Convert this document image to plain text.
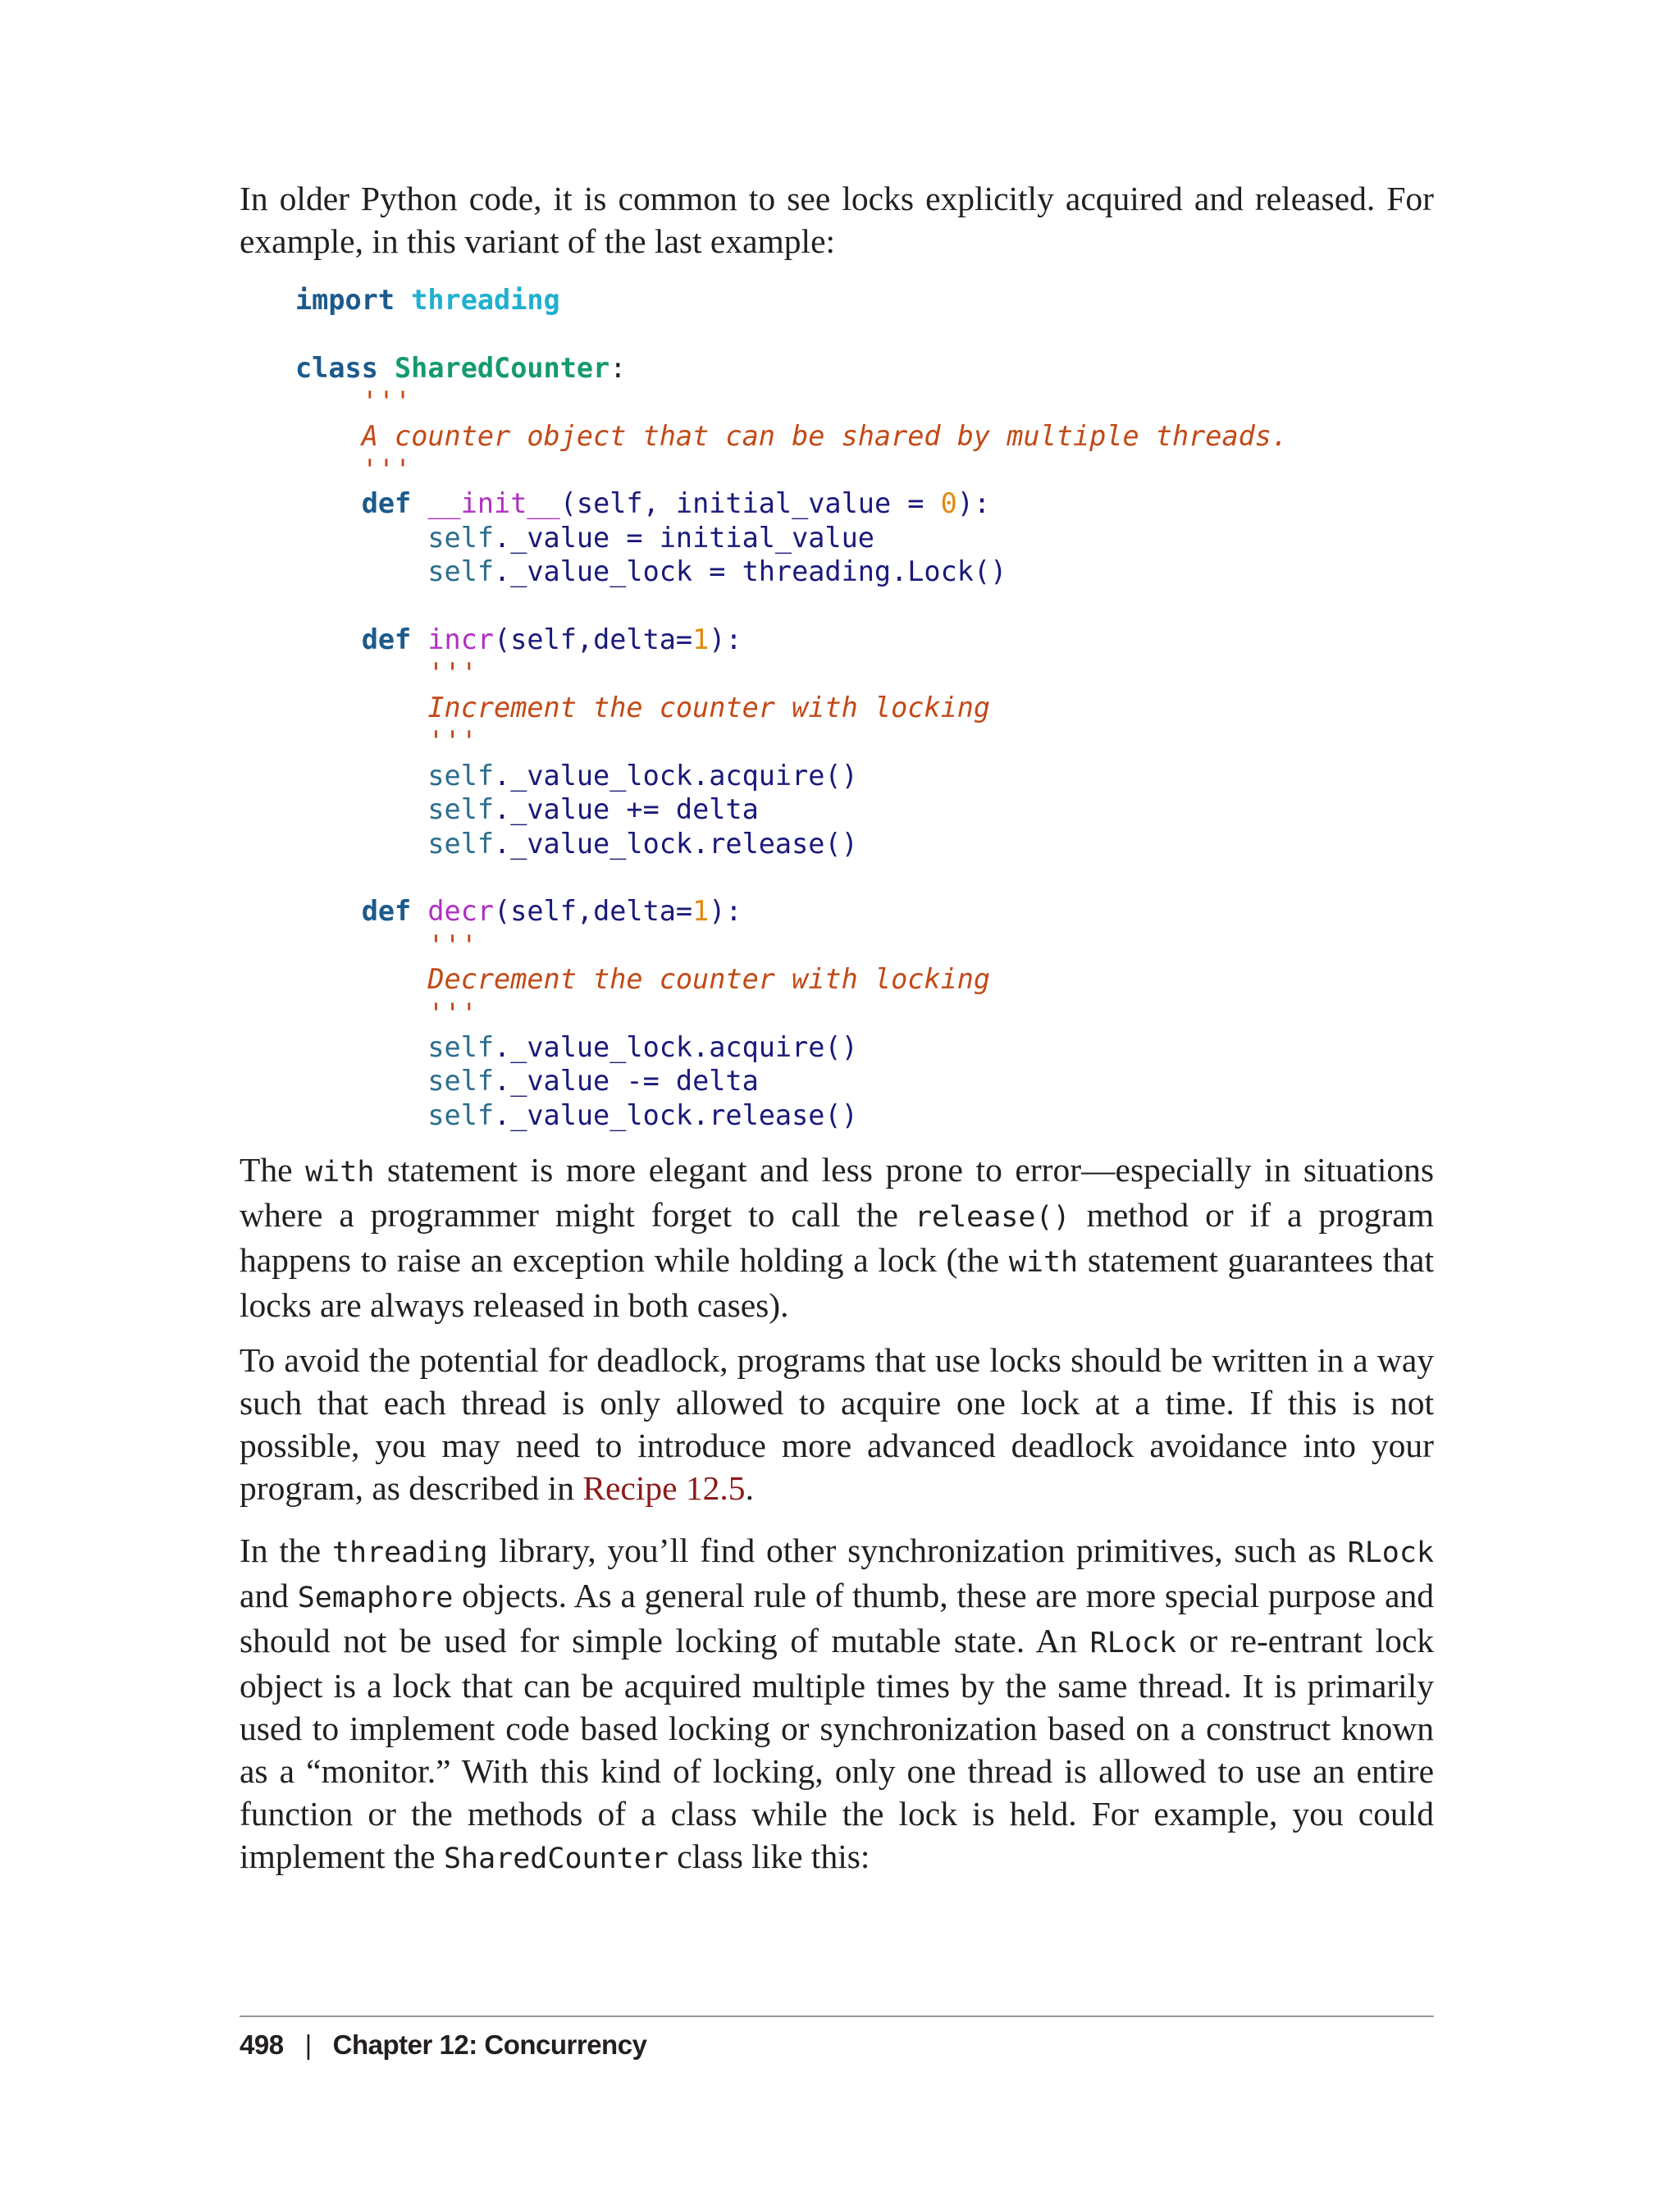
In older Python code, it is common to see locks explicitly acquired and released. For example, in this variant of the last example:

import threading

class SharedCounter:
'''
A counter object that can be shared by multiple threads.
'''
def __init__(self, initial_value = 0):
self._value = initial_value
self._value_lock = threading.Lock()

def incr(self,delta=1):
'''
Increment the counter with locking
'''
self._value_lock.acquire()
self._value += delta
self._value_lock.release()

def decr(self,delta=1):
'''
Decrement the counter with locking
'''
self._value_lock.acquire()
self._value -= delta
self._value_lock.release()

The with statement is more elegant and less prone to error—especially in situations where a programmer might forget to call the release() method or if a program happens to raise an exception while holding a lock (the with statement guarantees that locks are always released in both cases).

To avoid the potential for deadlock, programs that use locks should be written in a way such that each thread is only allowed to acquire one lock at a time. If this is not possible, you may need to introduce more advanced deadlock avoidance into your program, as described in Recipe 12.5.

In the threading library, you’ll find other synchronization primitives, such as RLock and Semaphore objects. As a general rule of thumb, these are more special purpose and should not be used for simple locking of mutable state. An RLock or re-entrant lock object is a lock that can be acquired multiple times by the same thread. It is primarily used to implement code based locking or synchronization based on a construct known as a “monitor.” With this kind of locking, only one thread is allowed to use an entire function or the methods of a class while the lock is held. For example, you could implement the SharedCounter class like this:

498 | Chapter 12: Concurrency
